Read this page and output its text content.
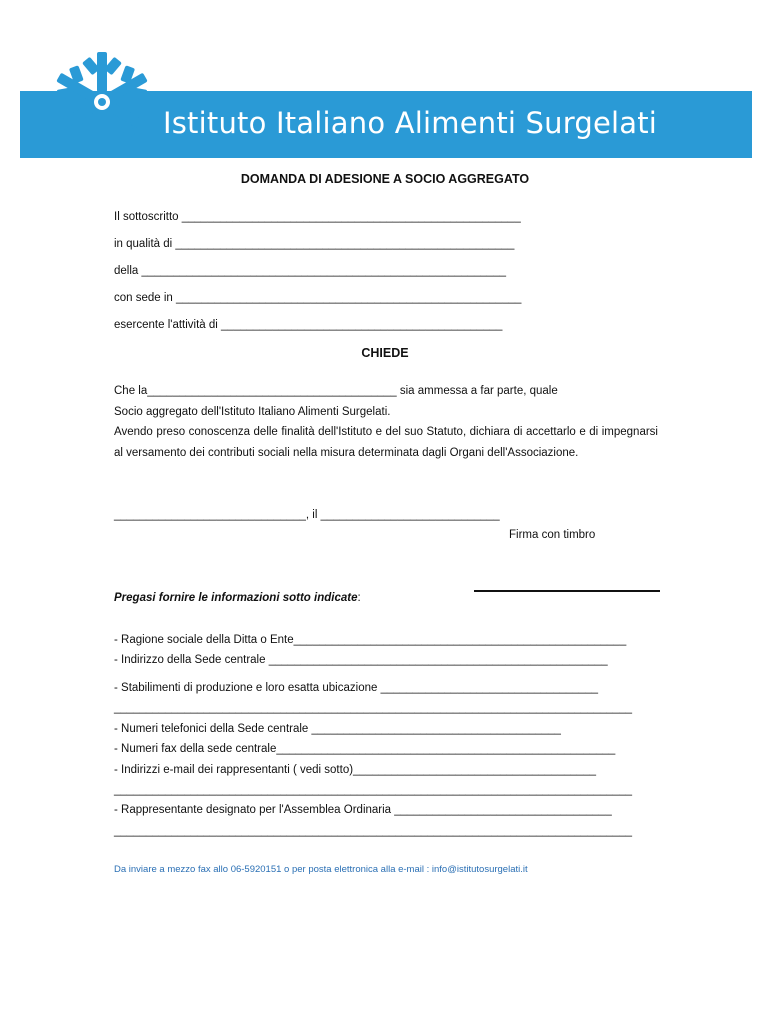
Istituto Italiano Alimenti Surgelati
DOMANDA DI ADESIONE A SOCIO AGGREGATO
Il sottoscritto _____________________________________________________
in qualità di _____________________________________________________
della _________________________________________________________
con sede in ______________________________________________________
esercente l'attività di ____________________________________________
CHIEDE
Che la_______________________________________ sia ammessa a far parte, quale
Socio aggregato dell'Istituto Italiano Alimenti Surgelati.
Avendo preso conoscenza delle finalità dell'Istituto e del suo Statuto, dichiara di accettarlo e di impegnarsi al versamento dei contributi sociali nella misura determinata dagli Organi dell'Associazione.
______________________________, il ____________________________
Firma con timbro
Pregasi fornire le informazioni sotto indicate:
- Ragione sociale della Ditta o Ente____________________________________________________
- Indirizzo della Sede centrale _____________________________________________________
- Stabilimenti di produzione e loro esatta ubicazione __________________________________
_________________________________________________________________________________
- Numeri telefonici della Sede centrale _______________________________________
- Numeri fax della sede centrale_____________________________________________________
- Indirizzi e-mail dei rappresentanti ( vedi sotto)______________________________________
_________________________________________________________________________________
- Rappresentante designato per l'Assemblea Ordinaria __________________________________
_________________________________________________________________________________
Da inviare a mezzo fax allo 06-5920151 o per posta elettronica alla e-mail : info@istitutosurgelati.it
